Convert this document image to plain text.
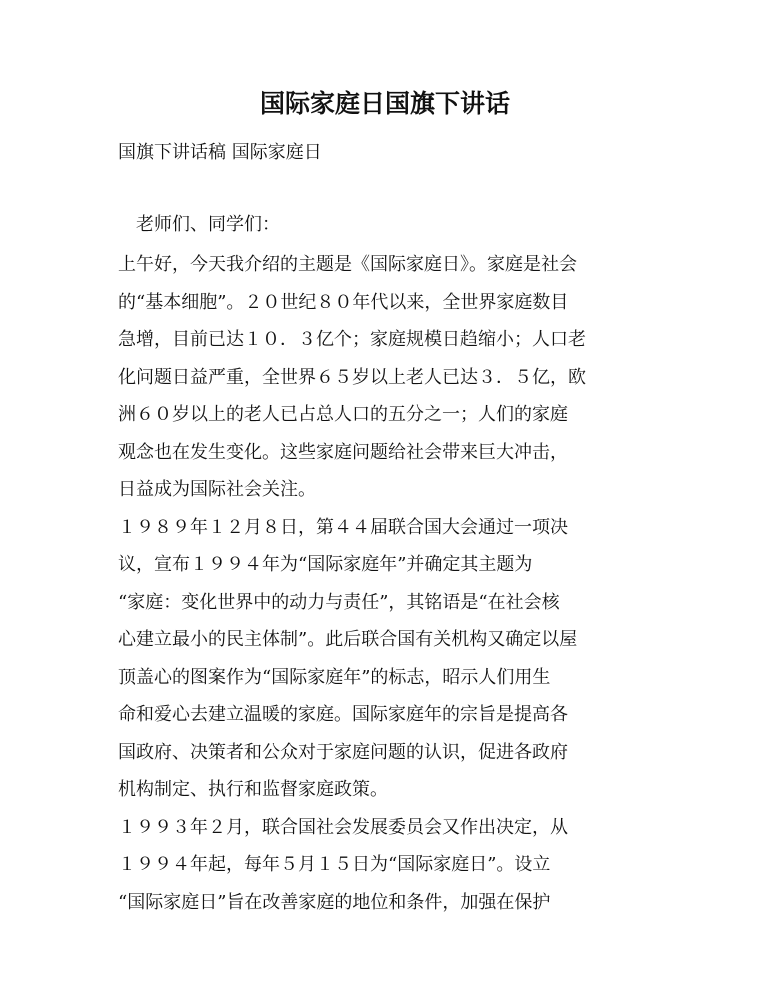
国际家庭日国旗下讲话

国旗下讲话稿 国际家庭日

老师们、同学们：

上午好，今天我介绍的主题是《国际家庭日》。家庭是社会
的“基本细胞”。２０世纪８０年代以来，全世界家庭数目
急增，目前已达１０．３亿个；家庭规模日趋缩小；人口老
化问题日益严重，全世界６５岁以上老人已达３．５亿，欧
洲６０岁以上的老人已占总人口的五分之一；人们的家庭
观念也在发生变化。这些家庭问题给社会带来巨大冲击，
日益成为国际社会关注。

１９８９年１２月８日，第４４届联合国大会通过一项决
议，宣布１９９４年为“国际家庭年”并确定其主题为
“家庭：变化世界中的动力与责任”，其铭语是“在社会核
心建立最小的民主体制”。此后联合国有关机构又确定以屋
顶盖心的图案作为“国际家庭年”的标志，昭示人们用生
命和爱心去建立温暖的家庭。国际家庭年的宗旨是提高各
国政府、决策者和公众对于家庭问题的认识，促进各政府
机构制定、执行和监督家庭政策。

１９９３年２月，联合国社会发展委员会又作出决定，从
１９９４年起，每年５月１５日为“国际家庭日”。设立
“国际家庭日”旨在改善家庭的地位和条件，加强在保护
